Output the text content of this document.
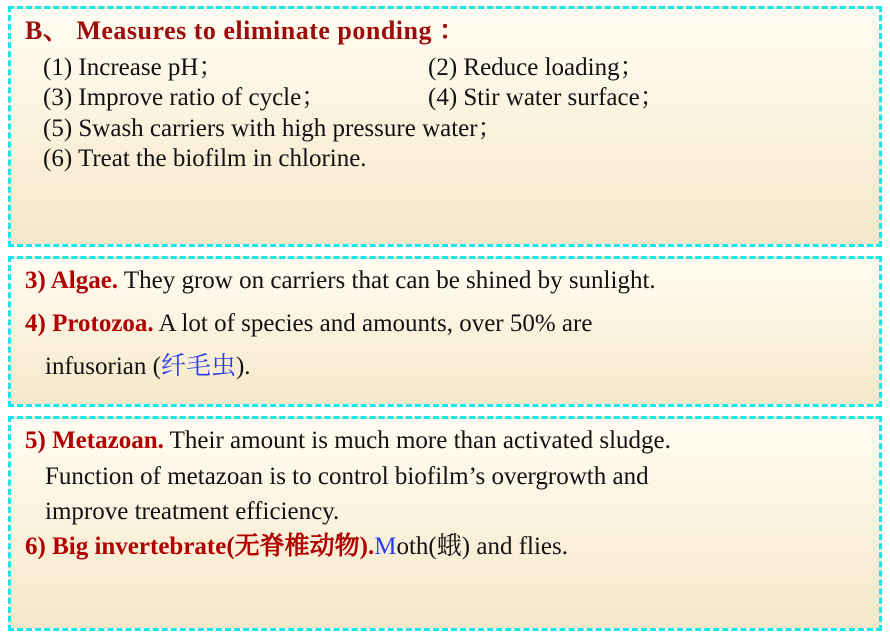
B、 Measures to eliminate ponding ：

(1) Increase pH；	(2) Reduce loading；

(3) Improve ratio of cycle；	(4) Stir water surface；

(5) Swash carriers with high pressure water；

(6) Treat the biofilm in chlorine.

3) Algae. They grow on carriers that can be shined by sunlight.

4) Protozoa. A lot of species and amounts, over 50% are

infusorian (纤毛虫).

5) Metazoan. Their amount is much more than activated sludge.

Function of metazoan is to control biofilm’s overgrowth and

improve treatment efficiency.

6) Big invertebrate(无脊椎动物).Moth(蛾) and flies.
